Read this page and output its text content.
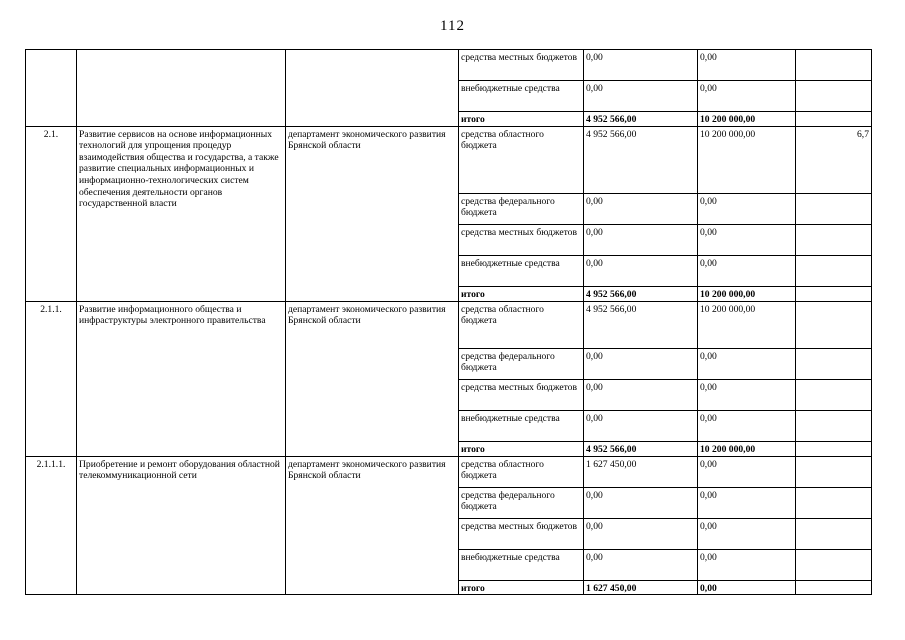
112
			средства местных бюджетов	0,00	0,00	
			внебюджетные средства	0,00	0,00	
			итого	4 952 566,00	10 200 000,00	
2.1.	Развитие сервисов на основе информационных технологий для упрощения процедур взаимодействия общества и государства, а также развитие специальных информационных и информационно-технологических систем обеспечения деятельности органов государственной власти	департамент экономического развития Брянской области	средства областного бюджета	4 952 566,00	10 200 000,00	6,7
			средства федерального бюджета	0,00	0,00	
			средства местных бюджетов	0,00	0,00	
			внебюджетные средства	0,00	0,00	
			итого	4 952 566,00	10 200 000,00	
2.1.1.	Развитие информационного общества и инфраструктуры электронного правительства	департамент экономического развития Брянской области	средства областного бюджета	4 952 566,00	10 200 000,00	
			средства федерального бюджета	0,00	0,00	
			средства местных бюджетов	0,00	0,00	
			внебюджетные средства	0,00	0,00	
			итого	4 952 566,00	10 200 000,00	
2.1.1.1.	Приобретение и ремонт оборудования областной телекоммуникационной сети	департамент экономического развития Брянской области	средства областного бюджета	1 627 450,00	0,00	
			средства федерального бюджета	0,00	0,00	
			средства местных бюджетов	0,00	0,00	
			внебюджетные средства	0,00	0,00	
			итого	1 627 450,00	0,00	
